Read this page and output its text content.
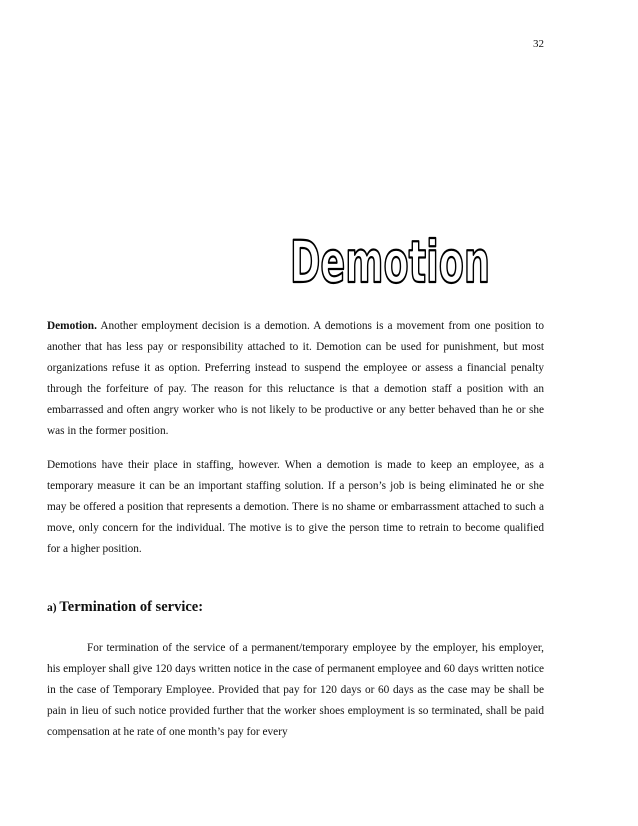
32
Demotion

Demotion. Another employment decision is a demotion. A demotions is a movement from one position to another that has less pay or responsibility attached to it. Demotion can be used for punishment, but most organizations refuse it as option. Preferring instead to suspend the employee or assess a financial penalty through the forfeiture of pay. The reason for this reluctance is that a demotion staff a position with an embarrassed and often angry worker who is not likely to be productive or any better behaved than he or she was in the former position.

Demotions have their place in staffing, however. When a demotion is made to keep an employee, as a temporary measure it can be an important staffing solution. If a person’s job is being eliminated he or she may be offered a position that represents a demotion. There is no shame or embarrassment attached to such a move, only concern for the individual. The motive is to give the person time to retrain to become qualified for a higher position.

a) Termination of service:

For termination of the service of a permanent/temporary employee by the employer, his employer, his employer shall give 120 days written notice in the case of permanent employee and 60 days written notice in the case of Temporary Employee. Provided that pay for 120 days or 60 days as the case may be shall be pain in lieu of such notice provided further that the worker shoes employment is so terminated, shall be paid compensation at he rate of one month’s pay for every
